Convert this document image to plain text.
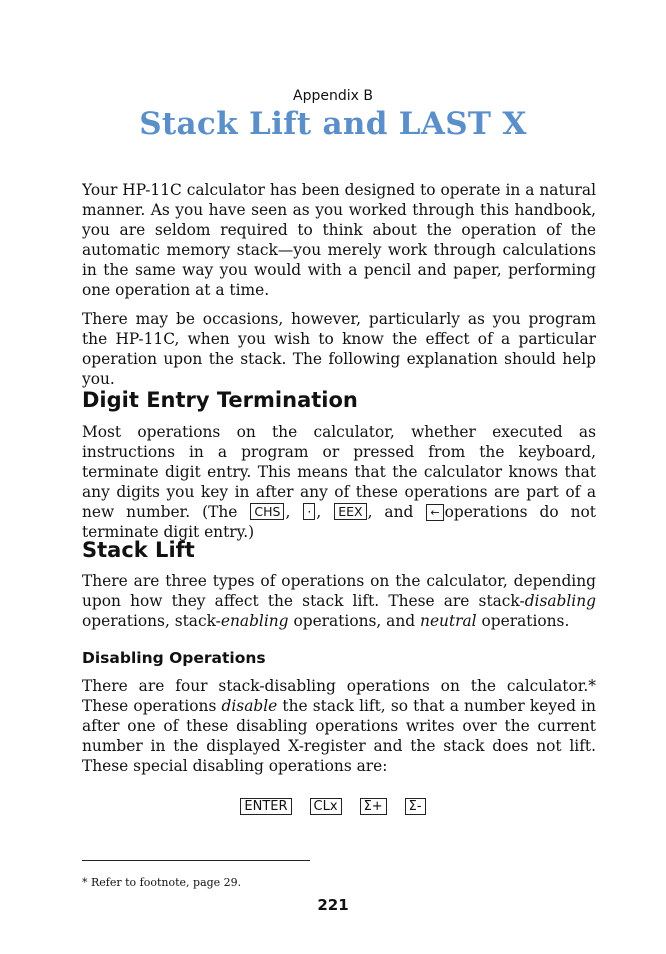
Appendix B
Stack Lift and LAST X
Your HP-11C calculator has been designed to operate in a natural manner. As you have seen as you worked through this handbook, you are seldom required to think about the operation of the automatic memory stack—you merely work through calculations in the same way you would with a pencil and paper, performing one operation at a time.
There may be occasions, however, particularly as you program the HP-11C, when you wish to know the effect of a particular operation upon the stack. The following explanation should help you.
Digit Entry Termination
Most operations on the calculator, whether executed as instructions in a program or pressed from the keyboard, terminate digit entry. This means that the calculator knows that any digits you key in after any of these operations are part of a new number. (The CHS , · , EEX , and ← operations do not terminate digit entry.)
Stack Lift
There are three types of operations on the calculator, depending upon how they affect the stack lift. These are stack-disabling operations, stack-enabling operations, and neutral operations.
Disabling Operations
There are four stack-disabling operations on the calculator.* These operations disable the stack lift, so that a number keyed in after one of these disabling operations writes over the current number in the displayed X-register and the stack does not lift. These special disabling operations are:
ENTER CLx Σ+ Σ-
* Refer to footnote, page 29.
221
